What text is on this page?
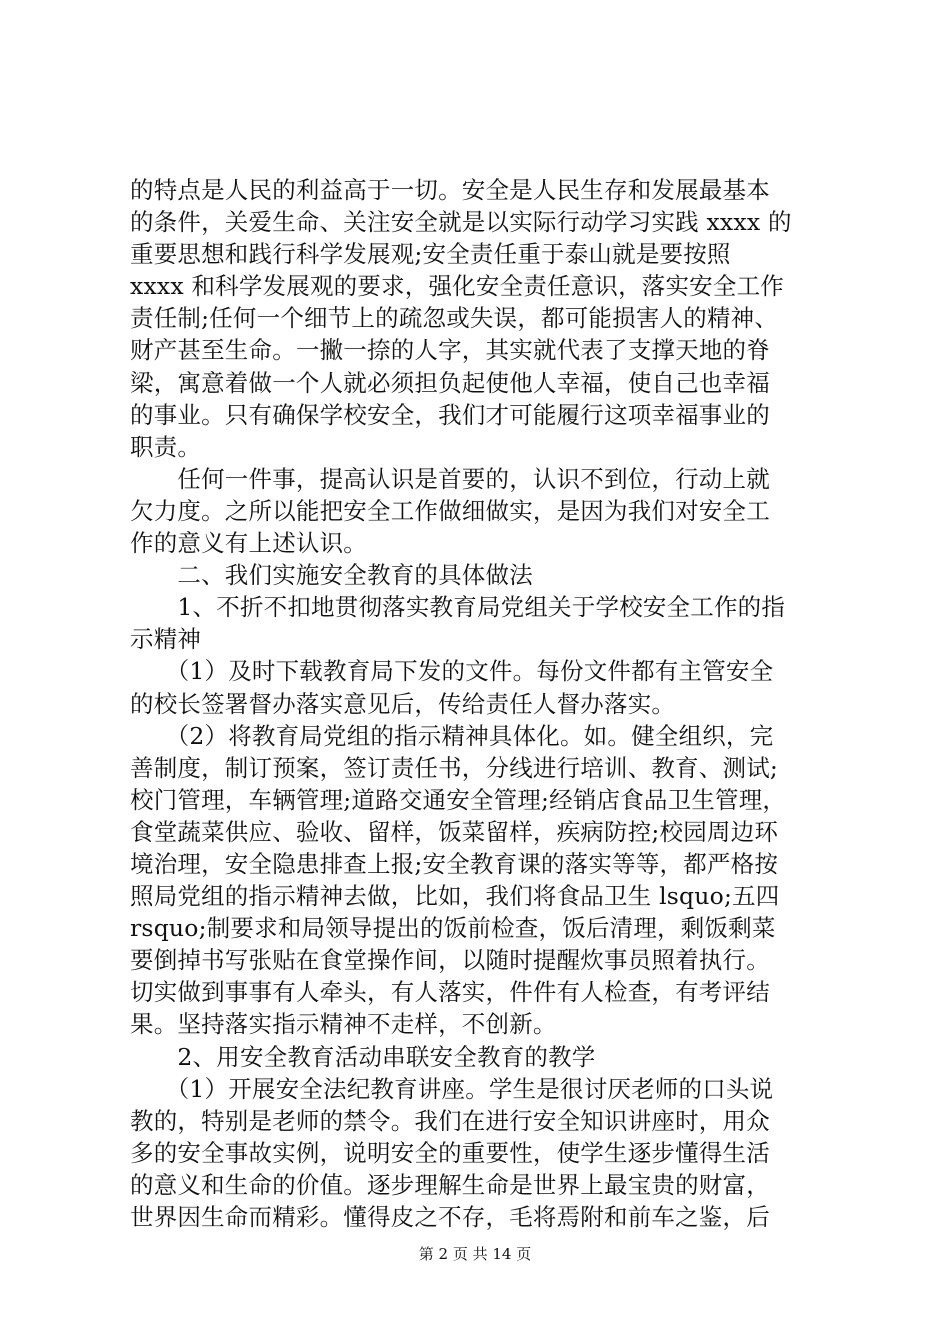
的特点是人民的利益高于一切。安全是人民生存和发展最基本
的条件，关爱生命、关注安全就是以实际行动学习实践 xxxx 的
重要思想和践行科学发展观;安全责任重于泰山就是要按照
xxxx 和科学发展观的要求，强化安全责任意识，落实安全工作
责任制;任何一个细节上的疏忽或失误，都可能损害人的精神、
财产甚至生命。一撇一捺的人字，其实就代表了支撑天地的脊
梁，寓意着做一个人就必须担负起使他人幸福，使自己也幸福
的事业。只有确保学校安全，我们才可能履行这项幸福事业的
职责。
　　任何一件事，提高认识是首要的，认识不到位，行动上就
欠力度。之所以能把安全工作做细做实，是因为我们对安全工
作的意义有上述认识。
　　二、我们实施安全教育的具体做法
　　1、不折不扣地贯彻落实教育局党组关于学校安全工作的指
示精神
　　（1）及时下载教育局下发的文件。每份文件都有主管安全
的校长签署督办落实意见后，传给责任人督办落实。
　　（2）将教育局党组的指示精神具体化。如。健全组织，完
善制度，制订预案，签订责任书，分线进行培训、教育、测试;
校门管理，车辆管理;道路交通安全管理;经销店食品卫生管理，
食堂蔬菜供应、验收、留样，饭菜留样，疾病防控;校园周边环
境治理，安全隐患排查上报;安全教育课的落实等等，都严格按
照局党组的指示精神去做，比如，我们将食品卫生 lsquo;五四
rsquo;制要求和局领导提出的饭前检查，饭后清理，剩饭剩菜
要倒掉书写张贴在食堂操作间，以随时提醒炊事员照着执行。
切实做到事事有人牵头，有人落实，件件有人检查，有考评结
果。坚持落实指示精神不走样，不创新。
　　2、用安全教育活动串联安全教育的教学
　　（1）开展安全法纪教育讲座。学生是很讨厌老师的口头说
教的，特别是老师的禁令。我们在进行安全知识讲座时，用众
多的安全事故实例，说明安全的重要性，使学生逐步懂得生活
的意义和生命的价值。逐步理解生命是世界上最宝贵的财富，
世界因生命而精彩。懂得皮之不存，毛将焉附和前车之鉴，后
第 2 页 共 14 页
